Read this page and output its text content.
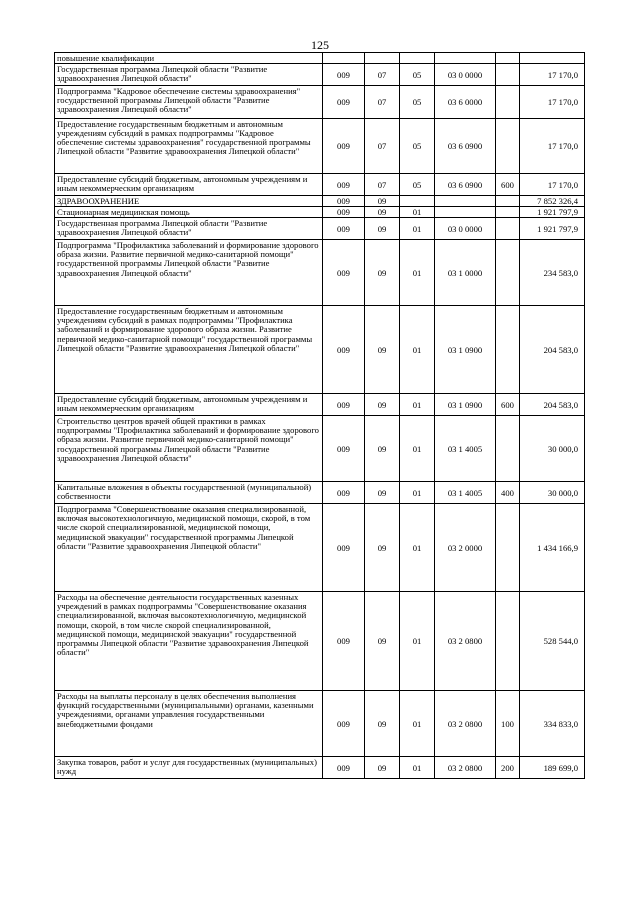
125
повышение квалификации						
Государственная программа Липецкой области "Развитие здравоохранения Липецкой области"	009	07	05	03 0 0000		17 170,0
Подпрограмма "Кадровое обеспечение системы здравоохранения" государственной программы Липецкой области "Развитие здравоохранения Липецкой области"	009	07	05	03 6 0000		17 170,0
Предоставление государственным бюджетным и автономным учреждениям субсидий в рамках подпрограммы "Кадровое обеспечение системы здравоохранения" государственной программы Липецкой области "Развитие здравоохранения Липецкой области"	009	07	05	03 6 0900		17 170,0
Предоставление субсидий бюджетным, автономным учреждениям и иным некоммерческим организациям	009	07	05	03 6 0900	600	17 170,0
ЗДРАВООХРАНЕНИЕ	009	09				7 852 326,4
Стационарная медицинская помощь	009	09	01			1 921 797,9
Государственная программа Липецкой области "Развитие здравоохранения Липецкой области"	009	09	01	03 0 0000		1 921 797,9
Подпрограмма "Профилактика заболеваний и формирование здорового образа жизни. Развитие первичной медико-санитарной помощи" государственной программы Липецкой области "Развитие здравоохранения Липецкой области"	009	09	01	03 1 0000		234 583,0
Предоставление государственным бюджетным и автономным учреждениям субсидий в рамках подпрограммы "Профилактика заболеваний и формирование здорового образа жизни. Развитие первичной медико-санитарной помощи" государственной программы Липецкой области "Развитие здравоохранения Липецкой области"	009	09	01	03 1 0900		204 583,0
Предоставление субсидий бюджетным, автономным учреждениям и иным некоммерческим организациям	009	09	01	03 1 0900	600	204 583,0
Строительство центров врачей общей практики в рамках подпрограммы "Профилактика заболеваний и формирование здорового образа жизни. Развитие первичной медико-санитарной помощи" государственной программы Липецкой области "Развитие здравоохранения Липецкой области"	009	09	01	03 1 4005		30 000,0
Капитальные вложения в объекты государственной (муниципальной) собственности	009	09	01	03 1 4005	400	30 000,0
Подпрограмма "Совершенствование оказания специализированной, включая высокотехнологичную, медицинской помощи, скорой, в том числе скорой специализированной, медицинской помощи, медицинской эвакуации" государственной программы Липецкой области "Развитие здравоохранения Липецкой области"	009	09	01	03 2 0000		1 434 166,9
Расходы на обеспечение деятельности государственных казенных учреждений в рамках подпрограммы "Совершенствование оказания специализированной, включая высокотехнологичную, медицинской помощи, скорой, в том числе скорой специализированной, медицинской помощи, медицинской эвакуации" государственной программы Липецкой области "Развитие здравоохранения Липецкой области"	009	09	01	03 2 0800		528 544,0
Расходы на выплаты персоналу в целях обеспечения выполнения функций государственными (муниципальными) органами, казенными учреждениями, органами управления государственными внебюджетными фондами	009	09	01	03 2 0800	100	334 833,0
Закупка товаров, работ и услуг для государственных (муниципальных) нужд	009	09	01	03 2 0800	200	189 699,0
